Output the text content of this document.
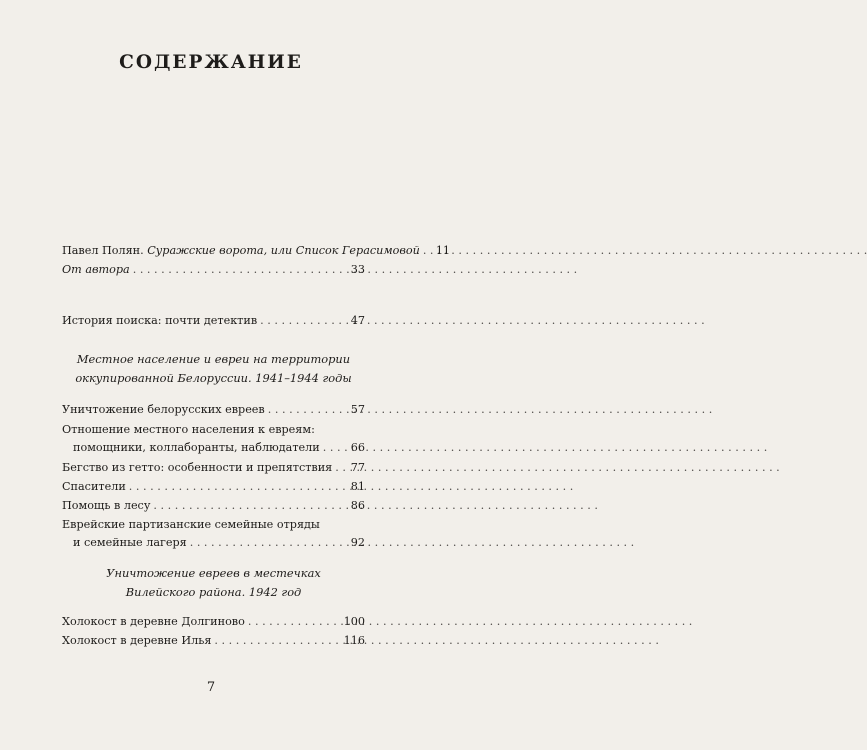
СОДЕРЖАНИЕ
Павел Полян. Суражские ворота, или Список Герасимовой . . . 11
От автора . . .	33
История поиска: почти детектив . . .	47
Местное население и евреи на территории
оккупированной Белоруссии. 1941–1944 годы
Уничтожение белорусских евреев . . .	57
Отношение местного населения к евреям:
помощники, коллаборанты, наблюдатели . . .	66
Бегство из гетто: особенности и препятствия . . . 77
Спасители . . .	81
Помощь в лесу . . .	86
Еврейские партизанские семейные отряды
и семейные лагеря . . .	92
Уничтожение евреев в местечках
Вилейского района. 1942 год
Холокост в деревне Долгиново . . .	100
Холокост в деревне Илья . . .	116
7
